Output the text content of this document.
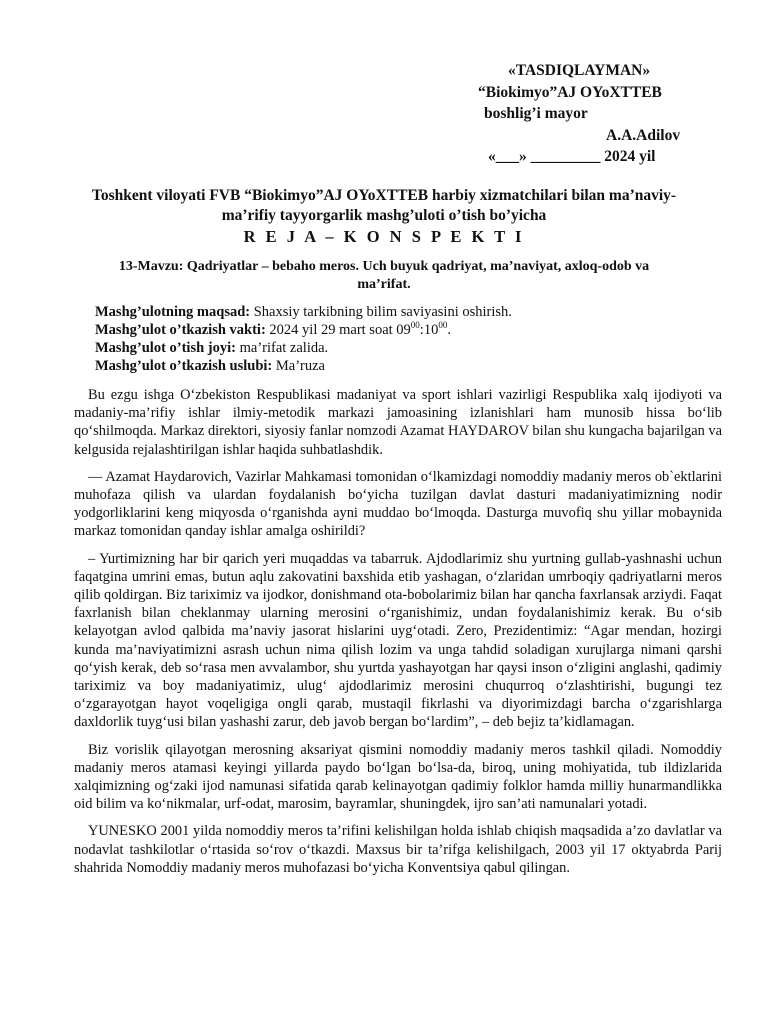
«TASDIQLAYMAN»
“Biokimyo”AJ OYoXTTEB
boshlig’i mayor
A.A.Adilov
«___» _________ 2024 yil
Toshkent viloyati FVB “Biokimyo”AJ OYoXTTEB harbiy xizmatchilari bilan ma’naviy-
ma’rifiy tayyorgarlik mashg’uloti o’tish bo’yicha
R E J A – K O N S P E K T I
13-Mavzu: Qadriyatlar – bebaho meros. Uch buyuk qadriyat, ma’naviyat, axloq-odob va ma’rifat.
Mashg’ulotning maqsad: Shaxsiy tarkibning bilim saviyasini oshirish.
Mashg’ulot o’tkazish vakti: 2024 yil 29 mart soat $09^{00}:10^{00}$.
Mashg’ulot o’tish joyi: ma’rifat zalida.
Mashg’ulot o’tkazish uslubi: Ma’ruza

Bu ezgu ishga O‘zbekiston Respublikasi madaniyat va sport ishlari vazirligi Respublika xalq ijodiyoti va madaniy-ma’rifiy ishlar ilmiy-metodik markazi jamoasining izlanishlari ham munosib hissa bo‘lib qo‘shilmoqda. Markaz direktori, siyosiy fanlar nomzodi Azamat HAYDAROV bilan shu kungacha bajarilgan va kelgusida rejalashtirilgan ishlar haqida suhbatlashdik.

— Azamat Haydarovich, Vazirlar Mahkamasi tomonidan o‘lkamizdagi nomoddiy madaniy meros ob`ektlarini muhofaza qilish va ulardan foydalanish bo‘yicha tuzilgan davlat dasturi madaniyatimizning nodir yodgorliklarini keng miqyosda o‘rganishda ayni muddao bo‘lmoqda. Dasturga muvofiq shu yillar mobaynida markaz tomonidan qanday ishlar amalga oshirildi?

– Yurtimizning har bir qarich yeri muqaddas va tabarruk. Ajdodlarimiz shu yurtning gullab-yashnashi uchun faqatgina umrini emas, butun aqlu zakovatini baxshida etib yashagan, o‘zlaridan umrboqiy qadriyatlarni meros qilib qoldirgan. Biz tariximiz va ijodkor, donishmand ota-bobolarimiz bilan har qancha faxrlansak arziydi. Faqat faxrlanish bilan cheklanmay ularning merosini o‘rganishimiz, undan foydalanishimiz kerak. Bu o‘sib kelayotgan avlod qalbida ma’naviy jasorat hislarini uyg‘otadi. Zero, Prezidentimiz: “Agar mendan, hozirgi kunda ma’naviyatimizni asrash uchun nima qilish lozim va unga tahdid soladigan xurujlarga nimani qarshi qo‘yish kerak, deb so‘rasa men avvalambor, shu yurtda yashayotgan har qaysi inson o‘zligini anglashi, qadimiy tariximiz va boy madaniyatimiz, ulug‘ ajdodlarimiz merosini chuqurroq o‘zlashtirishi, bugungi tez o‘zgarayotgan hayot voqeligiga ongli qarab, mustaqil fikrlashi va diyorimizdagi barcha o‘zgarishlarga daxldorlik tuyg‘usi bilan yashashi zarur, deb javob bergan bo‘lardim”, – deb bejiz ta’kidlamagan.

Biz vorislik qilayotgan merosning aksariyat qismini nomoddiy madaniy meros tashkil qiladi. Nomoddiy madaniy meros atamasi keyingi yillarda paydo bo‘lgan bo‘lsa-da, biroq, uning mohiyatida, tub ildizlarida xalqimizning og‘zaki ijod namunasi sifatida qarab kelinayotgan qadimiy folklor hamda milliy hunarmandlikka oid bilim va ko‘nikmalar, urf-odat, marosim, bayramlar, shuningdek, ijro san’ati namunalari yotadi.

YUNESKO 2001 yilda nomoddiy meros ta’rifini kelishilgan holda ishlab chiqish maqsadida a’zo davlatlar va nodavlat tashkilotlar o‘rtasida so‘rov o‘tkazdi. Maxsus bir ta’rifga kelishilgach, 2003 yil 17 oktyabrda Parij shahrida Nomoddiy madaniy meros muhofazasi bo‘yicha Konventsiya qabul qilingan.
